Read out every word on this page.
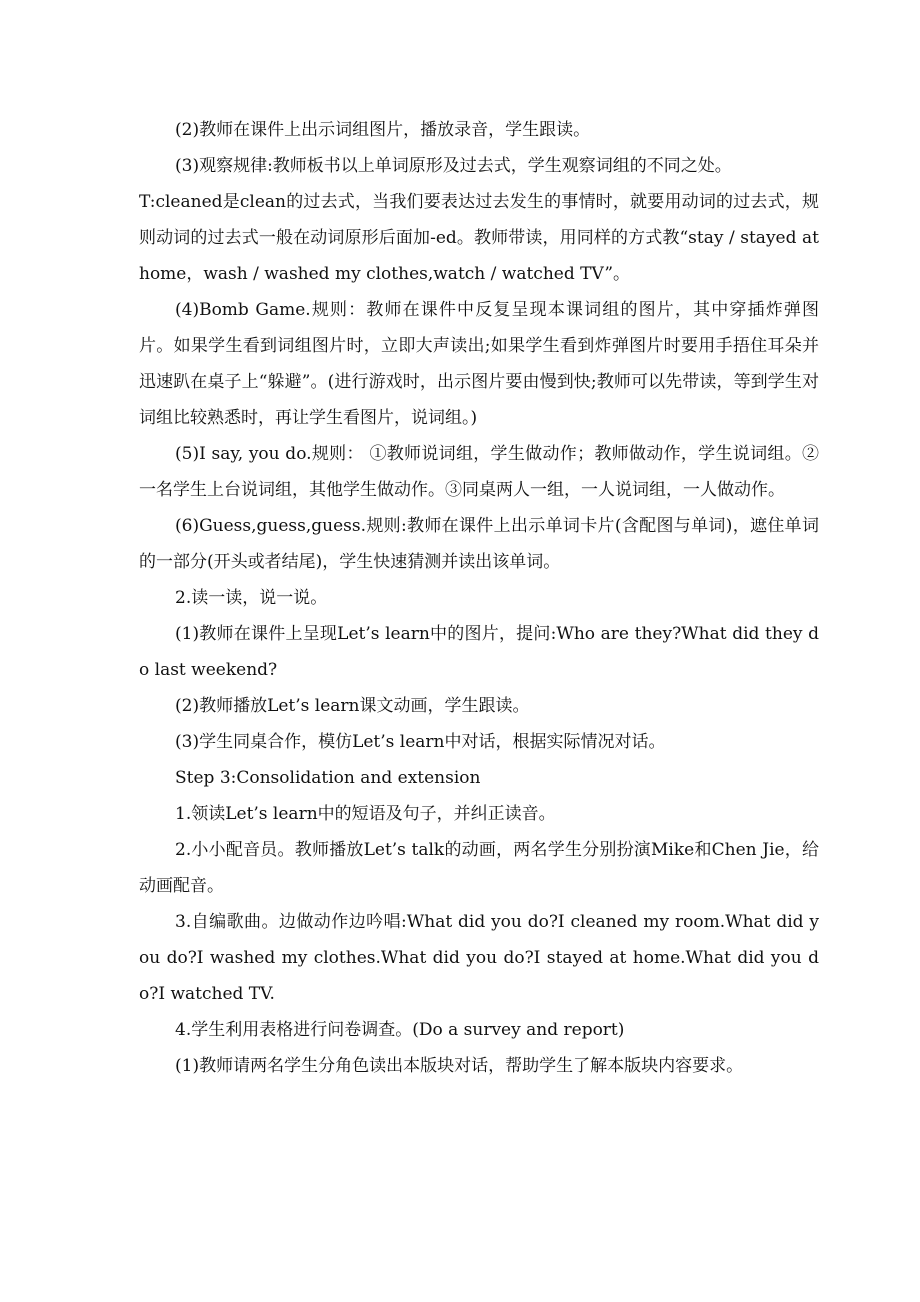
(2)教师在课件上出示词组图片，播放录音，学生跟读。

(3)观察规律:教师板书以上单词原形及过去式，学生观察词组的不同之处。

T:cleaned是clean的过去式，当我们要表达过去发生的事情时，就要用动词的过去式，规则动词的过去式一般在动词原形后面加-ed。教师带读，用同样的方式教“stay / stayed at home，wash / washed my clothes,watch / watched TV”。

(4)Bomb Game.规则：教师在课件中反复呈现本课词组的图片，其中穿插炸弹图片。如果学生看到词组图片时，立即大声读出;如果学生看到炸弹图片时要用手捂住耳朵并迅速趴在桌子上“躲避”。(进行游戏时，出示图片要由慢到快;教师可以先带读，等到学生对词组比较熟悉时，再让学生看图片，说词组。)

(5)I say, you do.规则： ①教师说词组，学生做动作；教师做动作，学生说词组。②一名学生上台说词组，其他学生做动作。③同桌两人一组，一人说词组，一人做动作。

(6)Guess,guess,guess.规则:教师在课件上出示单词卡片(含配图与单词)，遮住单词的一部分(开头或者结尾)，学生快速猜测并读出该单词。

2.读一读，说一说。

(1)教师在课件上呈现Let’s learn中的图片，提问:Who are they?What did they do last weekend?

(2)教师播放Let’s learn课文动画，学生跟读。

(3)学生同桌合作，模仿Let’s learn中对话，根据实际情况对话。

Step 3:Consolidation and extension

1.领读Let’s learn中的短语及句子，并纠正读音。

2.小小配音员。教师播放Let’s talk的动画，两名学生分别扮演Mike和Chen Jie，给动画配音。

3.自编歌曲。边做动作边吟唱:What did you do?I cleaned my room.What did you do?I washed my clothes.What did you do?I stayed at home.What did you do?I watched TV.

4.学生利用表格进行问卷调查。(Do a survey and report)

(1)教师请两名学生分角色读出本版块对话，帮助学生了解本版块内容要求。
